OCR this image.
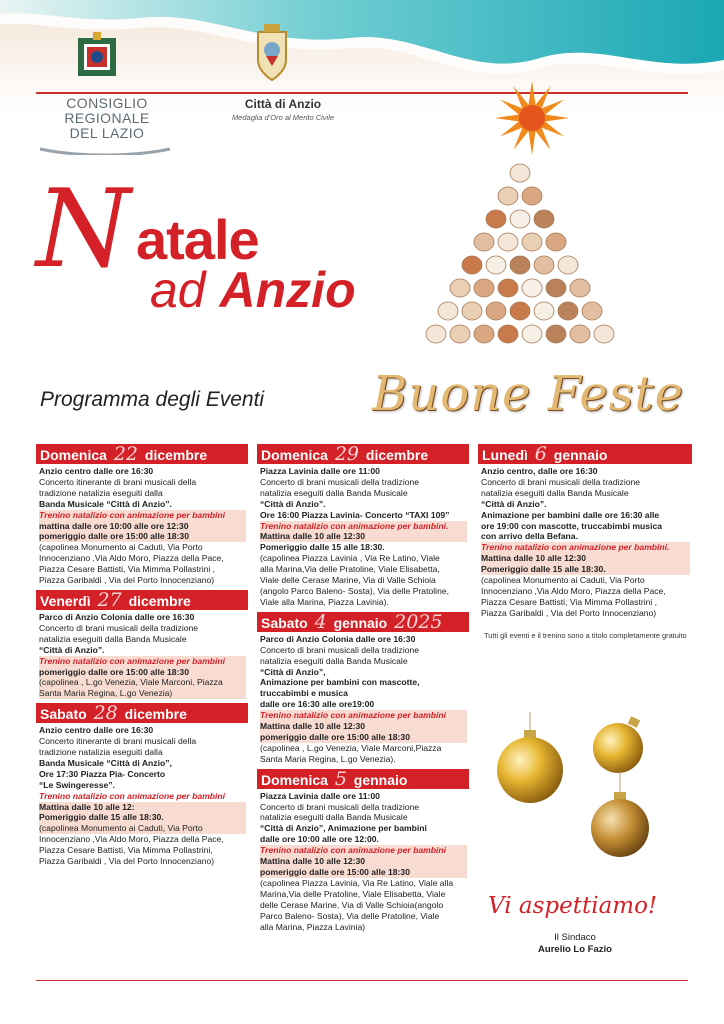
CONSIGLIO
REGIONALE
DEL LAZIO
Città di Anzio
Medaglia d’Oro al Merito Civile
N atale
ad Anzio
Programma degli Eventi Buone Feste
Domenica 22 dicembre
Anzio centro dalle ore 16:30
Concerto itinerante di brani musicali della
tradizione natalizia eseguiti dalla
Banda Musicale “Città di Anzio”.
Trenino natalizio con animazione per bambini
mattina dalle ore 10:00 alle ore 12:30
pomeriggio dalle ore 15:00 alle 18:30
(capolinea Monumento ai Caduti, Via Porto
Innocenziano ,Via Aldo Moro, Piazza della Pace,
Piazza Cesare Battisti, Via Mimma Pollastrini ,
Piazza Garibaldi , Via del Porto Innocenziano)
Venerdì 27 dicembre
Parco di Anzio Colonia dalle ore 16:30
Concerto di brani musicali della tradizione
natalizia eseguiti dalla Banda Musicale
“Città di Anzio”.
Trenino natalizio con animazione per bambini
pomeriggio dalle ore 15:00 alle 18:30
(capolinea , L.go Venezia, Viale Marconi, Piazza
Santa Maria Regina, L.go Venezia)
Sabato 28 dicembre
Anzio centro dalle ore 16:30
Concerto itinerante di brani musicali della
tradizione natalizia eseguiti dalla
Banda Musicale “Città di Anzio”,
Ore 17:30 Piazza Pia- Concerto
“Le Swingeresse”.
Trenino natalizio con animazione per bambini
Mattina dalle 10 alle 12:
Pomeriggio dalle 15 alle 18:30.
(capolinea Monumento ai Caduti, Via Porto
Innocenziano ,Via Aldo Moro, Piazza della Pace,
Piazza Cesare Battisti, Via Mimma Pollastrini,
Piazza Garibaldi , Via del Porto Innocenziano)
Domenica 29 dicembre
Piazza Lavinia dalle ore 11:00
Concerto di brani musicali della tradizione
natalizia eseguiti dalla Banda Musicale
“Città di Anzio”.
Ore 16:00 Piazza Lavinia- Concerto “TAXI 109”
Trenino natalizio con animazione per bambini.
Mattina dalle 10 alle 12:30
Pomeriggio dalle 15 alle 18:30.
(capolinea Piazza Lavinia , Via Re Latino, Viale
alla Marina,Via delle Pratoline, Viale Elisabetta,
Viale delle Cerase Marine, Via di Valle Schioia
(angolo Parco Baleno- Sosta), Via delle Pratoline,
Viale alla Marina, Piazza Lavinia).
Sabato 4 gennaio 2025
Parco di Anzio Colonia dalle ore 16:30
Concerto di brani musicali della tradizione
natalizia eseguiti dalla Banda Musicale
“Città di Anzio”,
Animazione per bambini con mascotte,
truccabimbi e musica
dalle ore 16:30 alle ore19:00
Trenino natalizio con animazione per bambini
Mattina dalle 10 alle 12:30
pomeriggio dalle ore 15:00 alle 18:30
(capolinea , L.go Venezia, Viale Marconi,Piazza
Santa Maria Regina, L.go Venezia).
Domenica 5 gennaio
Piazza Lavinia dalle ore 11:00
Concerto di brani musicali della tradizione
natalizia eseguiti dalla Banda Musicale
“Città di Anzio”, Animazione per bambini
dalle ore 10:00 alle ore 12:00.
Trenino natalizio con animazione per bambini
Mattina dalle 10 alle 12:30
pomeriggio dalle ore 15:00 alle 18:30
(capolinea Piazza Lavinia, Via Re Latino, Viale alla
Marina,Via delle Pratoline, Viale Elisabetta, Viale
delle Cerase Marine, Via di Valle Schioia(angolo
Parco Baleno- Sosta), Via delle Pratoline, Viale
alla Marina, Piazza Lavinia)
Lunedì 6 gennaio
Anzio centro, dalle ore 16:30
Concerto di brani musicali della tradizione
natalizia eseguiti dalla Banda Musicale
“Città di Anzio”.
Animazione per bambini dalle ore 16:30 alle
ore 19:00 con mascotte, truccabimbi musica
con arrivo della Befana.
Trenino natalizio con animazione per bambini.
Mattina dalle 10 alle 12:30
Pomeriggio dalle 15 alle 18:30.
(capolinea Monumento ai Caduti, Via Porto
Innocenziano ,Via Aldo Moro, Piazza della Pace,
Piazza Cesare Battisti, Via Mimma Pollastrini ,
Piazza Garibaldi , Via del Porto Innocenziano)
Tutti gli eventi e il trenino sono a titolo completamente gratuito
Vi aspettiamo!
Il Sindaco
Aurelio Lo Fazio
